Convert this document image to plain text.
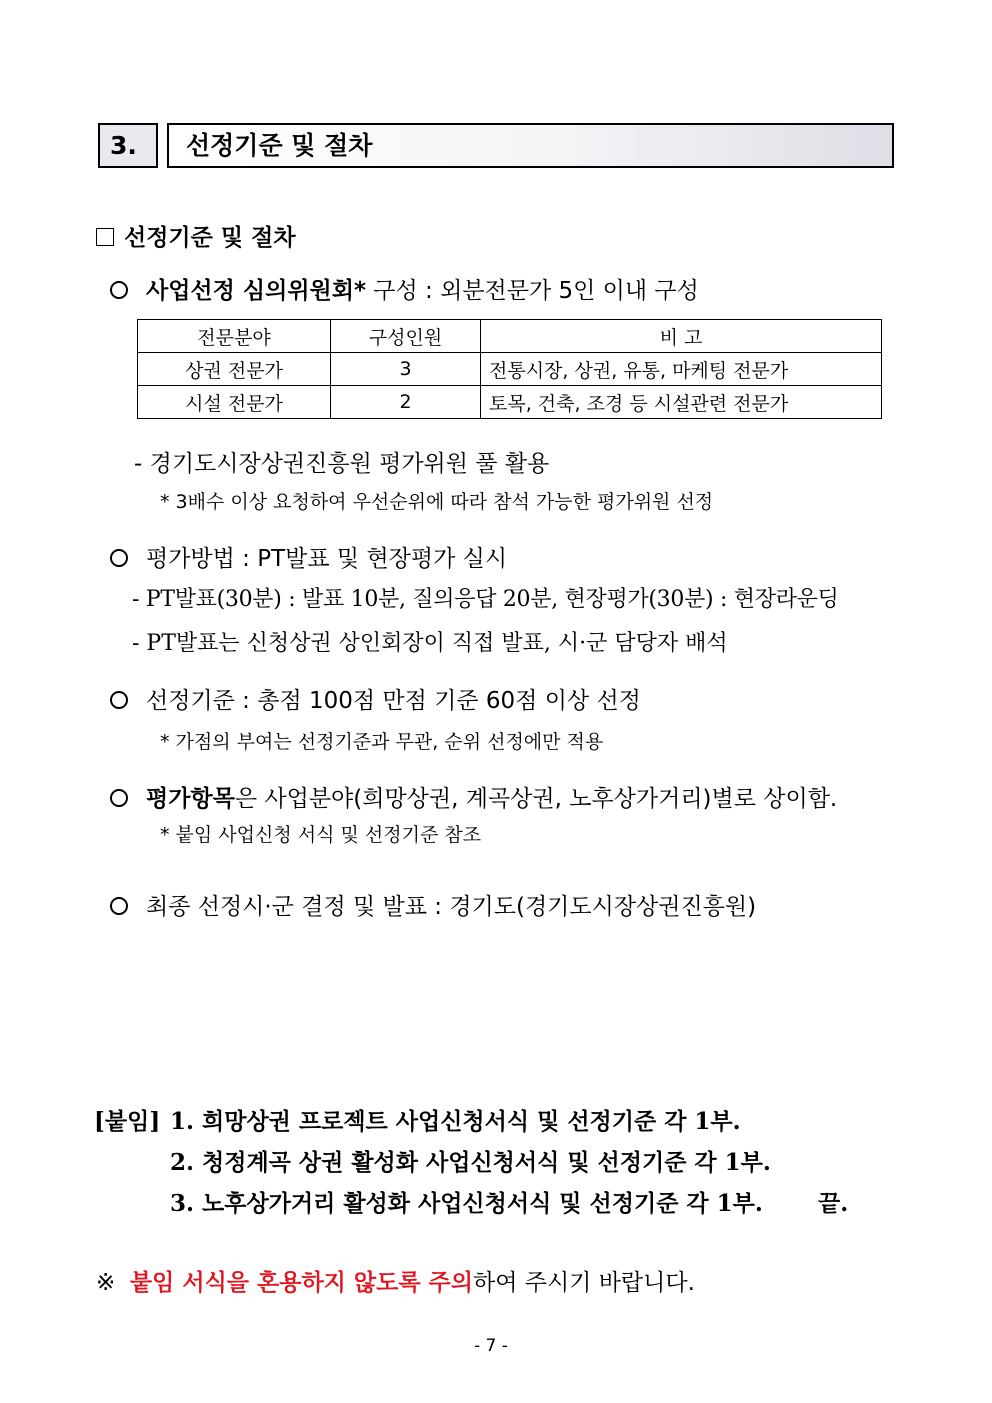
3.	선정기준 및 절차
선정기준 및 절차
사업선정 심의위원회* 구성 : 외분전문가 5인 이내 구성
전문분야	구성인원	비 고
상권 전문가	3	전통시장, 상권, 유통, 마케팅 전문가
시설 전문가	2	토목, 건축, 조경 등 시설관련 전문가
- 경기도시장상권진흥원 평가위원 풀 활용
* 3배수 이상 요청하여 우선순위에 따라 참석 가능한 평가위원 선정
평가방법 : PT발표 및 현장평가 실시
- PT발표(30분) : 발표 10분, 질의응답 20분, 현장평가(30분) : 현장라운딩
- PT발표는 신청상권 상인회장이 직접 발표, 시·군 담당자 배석
선정기준 : 총점 100점 만점 기준 60점 이상 선정
* 가점의 부여는 선정기준과 무관, 순위 선정에만 적용
평가항목은 사업분야(희망상권, 계곡상권, 노후상가거리)별로 상이함.
* 붙임 사업신청 서식 및 선정기준 참조
최종 선정시·군 결정 및 발표 : 경기도(경기도시장상권진흥원)
[붙임] 1. 희망상권 프로젝트 사업신청서식 및 선정기준 각 1부.
2. 청정계곡 상권 활성화 사업신청서식 및 선정기준 각 1부.
3. 노후상가거리 활성화 사업신청서식 및 선정기준 각 1부. 끝.
※ 붙임 서식을 혼용하지 않도록 주의하여 주시기 바랍니다.
- 7 -
